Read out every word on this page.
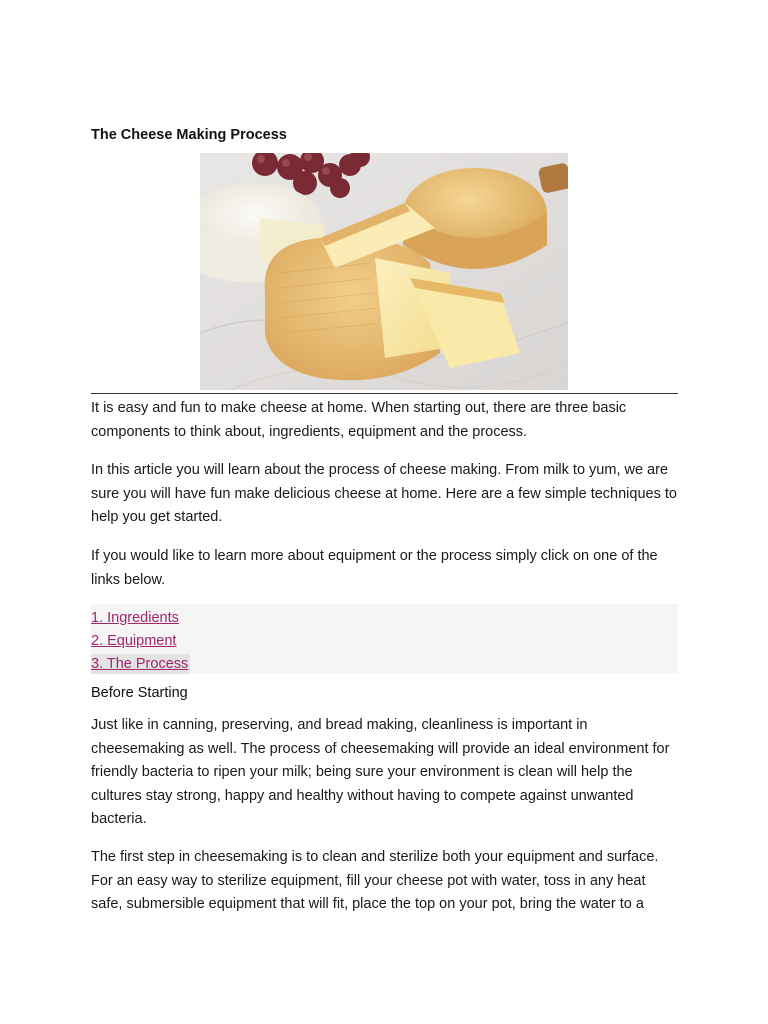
The Cheese Making Process

It is easy and fun to make cheese at home. When starting out, there are three basic components to think about, ingredients, equipment and the process.

In this article you will learn about the process of cheese making. From milk to yum, we are sure you will have fun make delicious cheese at home. Here are a few simple techniques to help you get started.

If you would like to learn more about equipment or the process simply click on one of the links below.

1. Ingredients
2. Equipment
3. The Process
Before Starting

Just like in canning, preserving, and bread making, cleanliness is important in cheesemaking as well. The process of cheesemaking will provide an ideal environment for friendly bacteria to ripen your milk; being sure your environment is clean will help the cultures stay strong, happy and healthy without having to compete against unwanted bacteria.

The first step in cheesemaking is to clean and sterilize both your equipment and surface. For an easy way to sterilize equipment, fill your cheese pot with water, toss in any heat safe, submersible equipment that will fit, place the top on your pot, bring the water to a
